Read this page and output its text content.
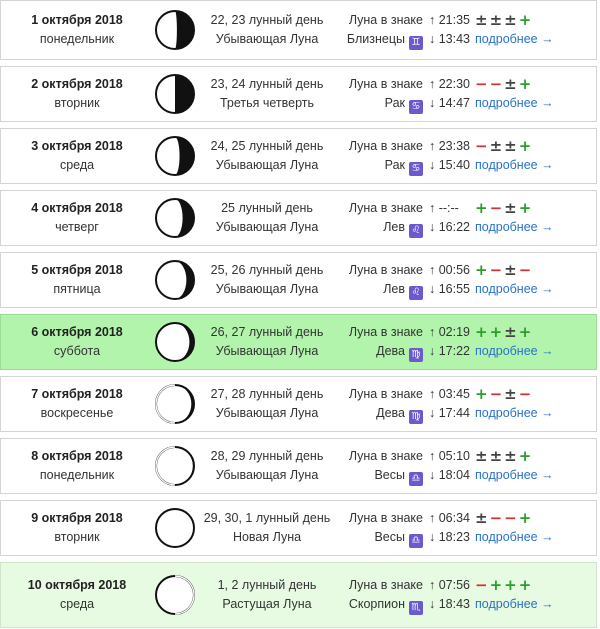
1 октября 2018
понедельник
22, 23 лунный день
Убывающая Луна
Луна в знаке
Близнецы ♊
↑ 21:35
↓ 13:43
±±±+
подробнее →
2 октября 2018
вторник
23, 24 лунный день
Третья четверть
Луна в знаке
Рак ♋
↑ 22:30
↓ 14:47
−−±+
подробнее →
3 октября 2018
среда
24, 25 лунный день
Убывающая Луна
Луна в знаке
Рак ♋
↑ 23:38
↓ 15:40
−±±+
подробнее →
4 октября 2018
четверг
25 лунный день
Убывающая Луна
Луна в знаке
Лев ♌
↑ --:--
↓ 16:22
+−±+
подробнее →
5 октября 2018
пятница
25, 26 лунный день
Убывающая Луна
Луна в знаке
Лев ♌
↑ 00:56
↓ 16:55
+−±−
подробнее →
6 октября 2018
суббота
26, 27 лунный день
Убывающая Луна
Луна в знаке
Дева ♍
↑ 02:19
↓ 17:22
++±+
подробнее →
7 октября 2018
воскресенье
27, 28 лунный день
Убывающая Луна
Луна в знаке
Дева ♍
↑ 03:45
↓ 17:44
+−±−
подробнее →
8 октября 2018
понедельник
28, 29 лунный день
Убывающая Луна
Луна в знаке
Весы ♎
↑ 05:10
↓ 18:04
±±±+
подробнее →
9 октября 2018
вторник
29, 30, 1 лунный день
Новая Луна
Луна в знаке
Весы ♎
↑ 06:34
↓ 18:23
±−−+
подробнее →
10 октября 2018
среда
1, 2 лунный день
Растущая Луна
Луна в знаке
Скорпион ♏
↑ 07:56
↓ 18:43
−+++
подробнее →
